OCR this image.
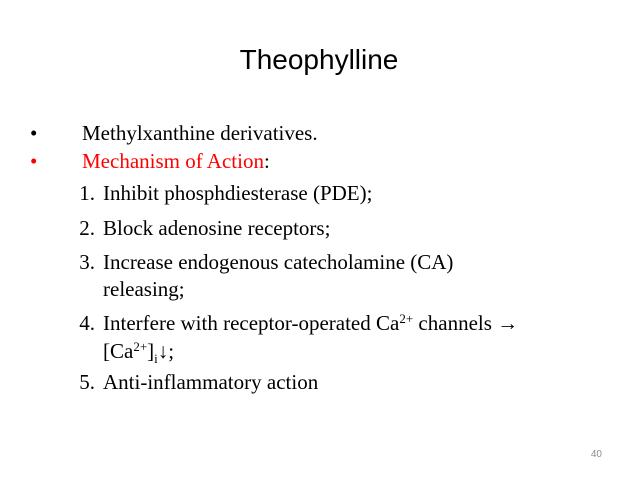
Theophylline
• Methylxanthine derivatives.
• Mechanism of Action:
1. Inhibit phosphdiesterase (PDE);
2. Block adenosine receptors;
3. Increase endogenous catecholamine (CA)
releasing;
4. Interfere with receptor-operated $Ca^{2+}$ channels →
$[Ca^{2+}]_i↓$;
5. Anti-inflammatory action
40
